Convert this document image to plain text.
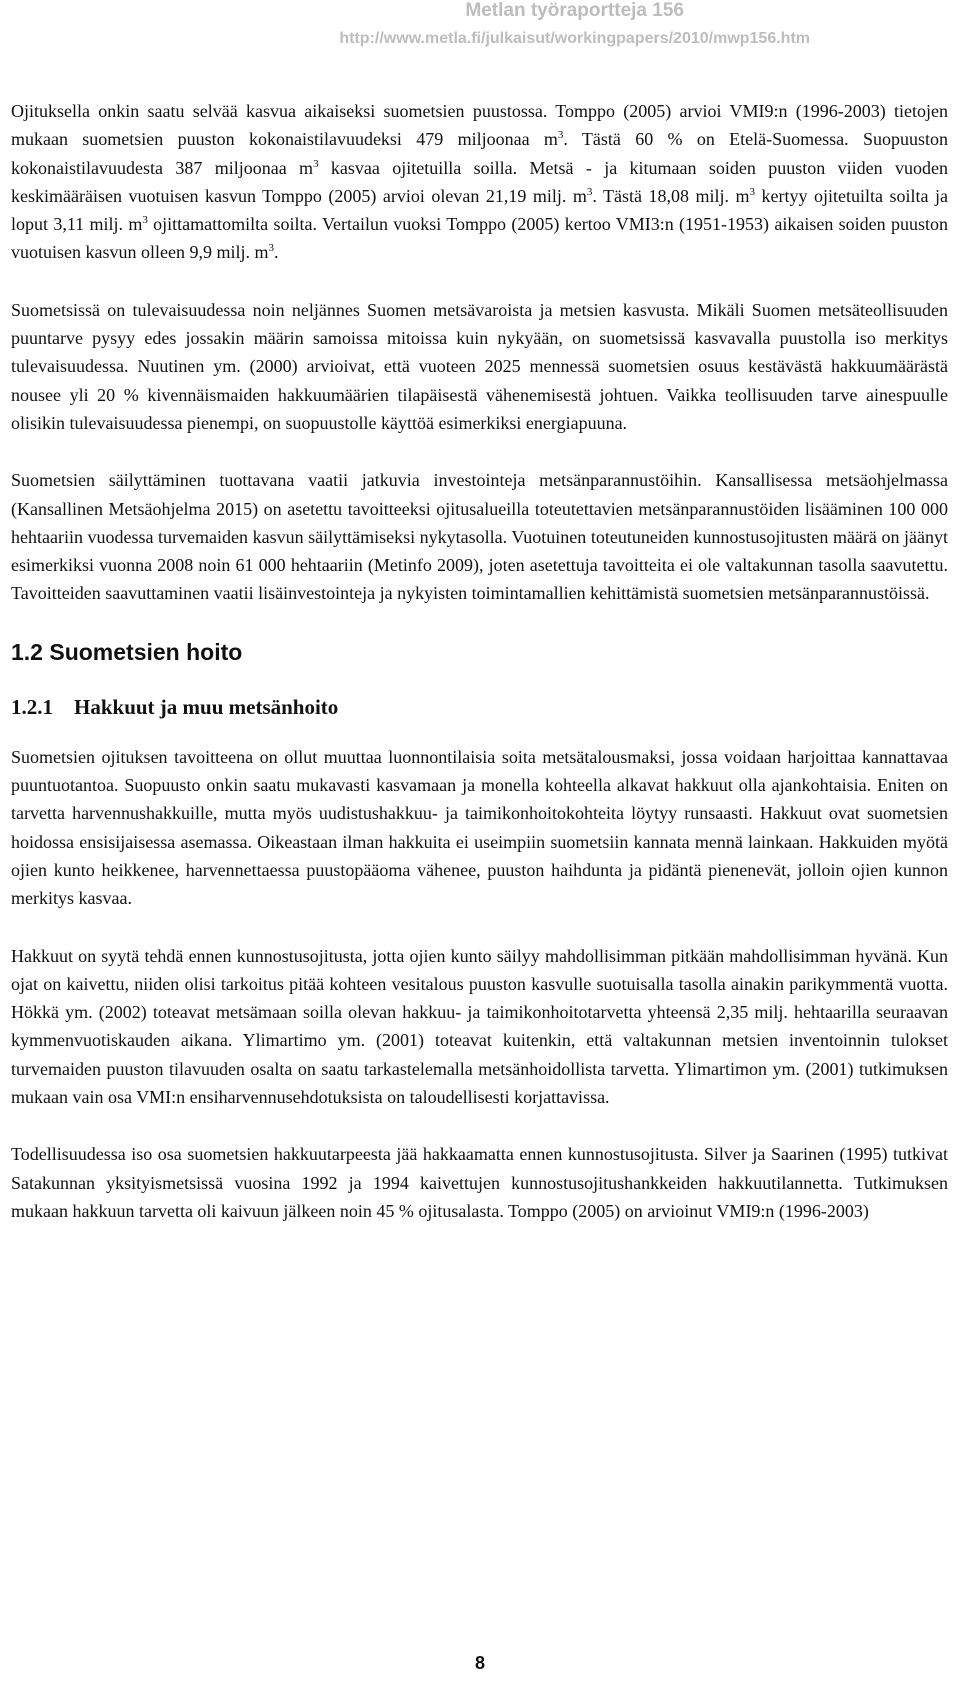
Metlan työraportteja 156
http://www.metla.fi/julkaisut/workingpapers/2010/mwp156.htm

Ojituksella onkin saatu selvää kasvua aikaiseksi suometsien puustossa. Tomppo (2005) arvioi VMI9:n (1996-2003) tietojen mukaan suometsien puuston kokonaistilavuudeksi 479 miljoonaa $m^3$. Tästä 60 % on Etelä-Suomessa. Suopuuston kokonaistilavuudesta 387 miljoonaa $m^3$ kasvaa ojitetuilla soilla. Metsä - ja kitumaan soiden puuston viiden vuoden keskimääräisen vuotuisen kasvun Tomppo (2005) arvioi olevan 21,19 milj. $m^3$. Tästä 18,08 milj. $m^3$ kertyy ojitetuilta soilta ja loput 3,11 milj. $m^3$ ojittamattomilta soilta. Vertailun vuoksi Tomppo (2005) kertoo VMI3:n (1951-1953) aikaisen soiden puuston vuotuisen kasvun olleen 9,9 milj. $m^3$.

Suometsissä on tulevaisuudessa noin neljännes Suomen metsävaroista ja metsien kasvusta. Mikäli Suomen metsäteollisuuden puuntarve pysyy edes jossakin määrin samoissa mitoissa kuin nykyään, on suometsissä kasvavalla puustolla iso merkitys tulevaisuudessa. Nuutinen ym. (2000) arvioivat, että vuoteen 2025 mennessä suometsien osuus kestävästä hakkuumäärästä nousee yli 20 % kivennäismaiden hakkuumäärien tilapäisestä vähenemisestä johtuen. Vaikka teollisuuden tarve ainespuulle olisikin tulevaisuudessa pienempi, on suopuustolle käyttöä esimerkiksi energiapuuna.

Suometsien säilyttäminen tuottavana vaatii jatkuvia investointeja metsänparannustöihin. Kansallisessa metsäohjelmassa (Kansallinen Metsäohjelma 2015) on asetettu tavoitteeksi ojitusalueilla toteutettavien metsänparannustöiden lisääminen 100 000 hehtaariin vuodessa turvemaiden kasvun säilyttämiseksi nykytasolla. Vuotuinen toteutuneiden kunnostusojitusten määrä on jäänyt esimerkiksi vuonna 2008 noin 61 000 hehtaariin (Metinfo 2009), joten asetettuja tavoitteita ei ole valtakunnan tasolla saavutettu. Tavoitteiden saavuttaminen vaatii lisäinvestointeja ja nykyisten toimintamallien kehittämistä suometsien metsänparannustöissä.

1.2 Suometsien hoito
1.2.1 Hakkuut ja muu metsänhoito

Suometsien ojituksen tavoitteena on ollut muuttaa luonnontilaisia soita metsätalousmaksi, jossa voidaan harjoittaa kannattavaa puuntuotantoa. Suopuusto onkin saatu mukavasti kasvamaan ja monella kohteella alkavat hakkuut olla ajankohtaisia. Eniten on tarvetta harvennushakkuille, mutta myös uudistushakkuu- ja taimikonhoitokohteita löytyy runsaasti. Hakkuut ovat suometsien hoidossa ensisijaisessa asemassa. Oikeastaan ilman hakkuita ei useimpiin suometsiin kannata mennä lainkaan. Hakkuiden myötä ojien kunto heikkenee, harvennettaessa puustopääoma vähenee, puuston haihdunta ja pidäntä pienenevät, jolloin ojien kunnon merkitys kasvaa.

Hakkuut on syytä tehdä ennen kunnostusojitusta, jotta ojien kunto säilyy mahdollisimman pitkään mahdollisimman hyvänä. Kun ojat on kaivettu, niiden olisi tarkoitus pitää kohteen vesitalous puuston kasvulle suotuisalla tasolla ainakin parikymmentä vuotta. Hökkä ym. (2002) toteavat metsämaan soilla olevan hakkuu- ja taimikonhoitotarvetta yhteensä 2,35 milj. hehtaarilla seuraavan kymmenvuotiskauden aikana. Ylimartimo ym. (2001) toteavat kuitenkin, että valtakunnan metsien inventoinnin tulokset turvemaiden puuston tilavuuden osalta on saatu tarkastelemalla metsänhoidollista tarvetta. Ylimartimon ym. (2001) tutkimuksen mukaan vain osa VMI:n ensiharvennusehdotuksista on taloudellisesti korjattavissa.

Todellisuudessa iso osa suometsien hakkuutarpeesta jää hakkaamatta ennen kunnostusojitusta. Silver ja Saarinen (1995) tutkivat Satakunnan yksityismetsissä vuosina 1992 ja 1994 kaivettujen kunnostusojitushankkeiden hakkuutilannetta. Tutkimuksen mukaan hakkuun tarvetta oli kaivuun jälkeen noin 45 % ojitusalasta. Tomppo (2005) on arvioinut VMI9:n (1996-2003)

8
